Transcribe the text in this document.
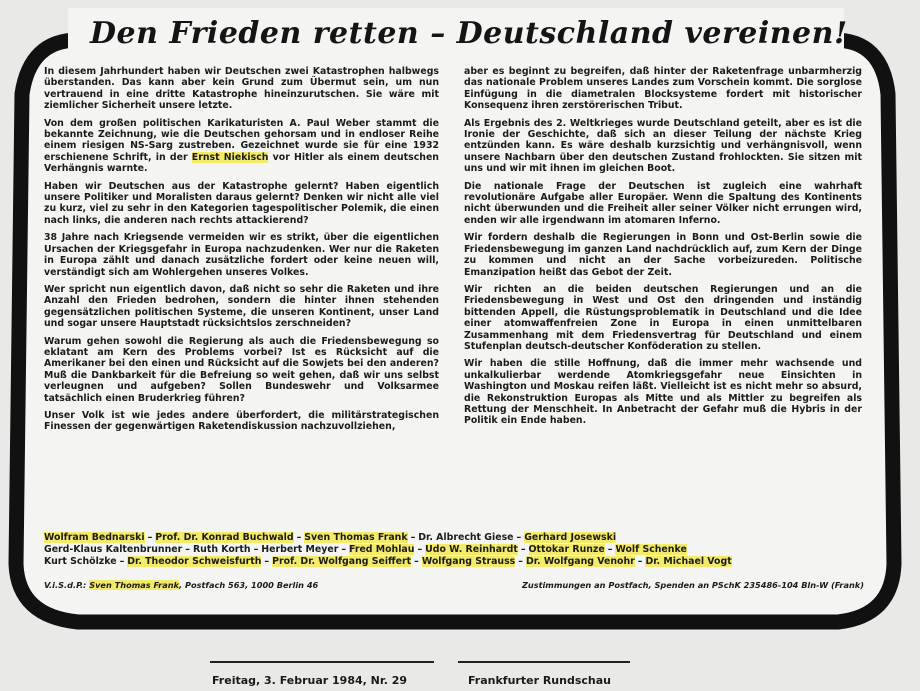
Den Frieden retten – Deutschland vereinen!

In diesem Jahrhundert haben wir Deutschen zwei Katastrophen halbwegs überstanden. Das kann aber kein Grund zum Übermut sein, um nun vertrauend in eine dritte Katastrophe hineinzurutschen. Sie wäre mit ziemlicher Sicherheit unsere letzte.

Von dem großen politischen Karikaturisten A. Paul Weber stammt die bekannte Zeichnung, wie die Deutschen gehorsam und in endloser Reihe einem riesigen NS-Sarg zustreben. Gezeichnet wurde sie für eine 1932 erschienene Schrift, in der Ernst Niekisch vor Hitler als einem deutschen Verhängnis warnte.

Haben wir Deutschen aus der Katastrophe gelernt? Haben eigentlich unsere Politiker und Moralisten daraus gelernt? Denken wir nicht alle viel zu kurz, viel zu sehr in den Kategorien tagespolitischer Polemik, die einen nach links, die anderen nach rechts attackierend?

38 Jahre nach Kriegsende vermeiden wir es strikt, über die eigentlichen Ursachen der Kriegsgefahr in Europa nachzudenken. Wer nur die Raketen in Europa zählt und danach zusätzliche fordert oder keine neuen will, verständigt sich am Wohlergehen unseres Volkes.

Wer spricht nun eigentlich davon, daß nicht so sehr die Raketen und ihre Anzahl den Frieden bedrohen, sondern die hinter ihnen stehenden gegensätzlichen politischen Systeme, die unseren Kontinent, unser Land und sogar unsere Hauptstadt rücksichtslos zerschneiden?

Warum gehen sowohl die Regierung als auch die Friedensbewegung so eklatant am Kern des Problems vorbei? Ist es Rücksicht auf die Amerikaner bei den einen und Rücksicht auf die Sowjets bei den anderen? Muß die Dankbarkeit für die Befreiung so weit gehen, daß wir uns selbst verleugnen und aufgeben? Sollen Bundeswehr und Volksarmee tatsächlich einen Bruderkrieg führen?

Unser Volk ist wie jedes andere überfordert, die militärstrategischen Finessen der gegenwärtigen Raketendiskussion nachzuvollziehen,

aber es beginnt zu begreifen, daß hinter der Raketenfrage unbarmherzig das nationale Problem unseres Landes zum Vorschein kommt. Die sorglose Einfügung in die diametralen Blocksysteme fordert mit historischer Konsequenz ihren zerstörerischen Tribut.

Als Ergebnis des 2. Weltkrieges wurde Deutschland geteilt, aber es ist die Ironie der Geschichte, daß sich an dieser Teilung der nächste Krieg entzünden kann. Es wäre deshalb kurzsichtig und verhängnisvoll, wenn unsere Nachbarn über den deutschen Zustand frohlockten. Sie sitzen mit uns und wir mit ihnen im gleichen Boot.

Die nationale Frage der Deutschen ist zugleich eine wahrhaft revolutionäre Aufgabe aller Europäer. Wenn die Spaltung des Kontinents nicht überwunden und die Freiheit aller seiner Völker nicht errungen wird, enden wir alle irgendwann im atomaren Inferno.

Wir fordern deshalb die Regierungen in Bonn und Ost-Berlin sowie die Friedensbewegung im ganzen Land nachdrücklich auf, zum Kern der Dinge zu kommen und nicht an der Sache vorbeizureden. Politische Emanzipation heißt das Gebot der Zeit.

Wir richten an die beiden deutschen Regierungen und an die Friedensbewegung in West und Ost den dringenden und inständig bittenden Appell, die Rüstungsproblematik in Deutschland und die Idee einer atomwaffenfreien Zone in Europa in einen unmittelbaren Zusammenhang mit dem Friedensvertrag für Deutschland und einem Stufenplan deutsch-deutscher Konföderation zu stellen.

Wir haben die stille Hoffnung, daß die immer mehr wachsende und unkalkulierbar werdende Atomkriegsgefahr neue Einsichten in Washington und Moskau reifen läßt. Vielleicht ist es nicht mehr so absurd, die Rekonstruktion Europas als Mitte und als Mittler zu begreifen als Rettung der Menschheit. In Anbetracht der Gefahr muß die Hybris in der Politik ein Ende haben.

Wolfram Bednarski – Prof. Dr. Konrad Buchwald – Sven Thomas Frank – Dr. Albrecht Giese – Gerhard Josewski
Gerd-Klaus Kaltenbrunner – Ruth Korth – Herbert Meyer – Fred Mohlau – Udo W. Reinhardt – Ottokar Runze – Wolf Schenke
Kurt Schölzke – Dr. Theodor Schweisfurth – Prof. Dr. Wolfgang Seiffert – Wolfgang Strauss – Dr. Wolfgang Venohr – Dr. Michael Vogt
V.i.S.d.P.: Sven Thomas Frank, Postfach 563, 1000 Berlin 46	Zustimmungen an Postfach, Spenden an PSchK 235486-104 Bln-W (Frank)
Freitag, 3. Februar 1984, Nr. 29	Frankfurter Rundschau
